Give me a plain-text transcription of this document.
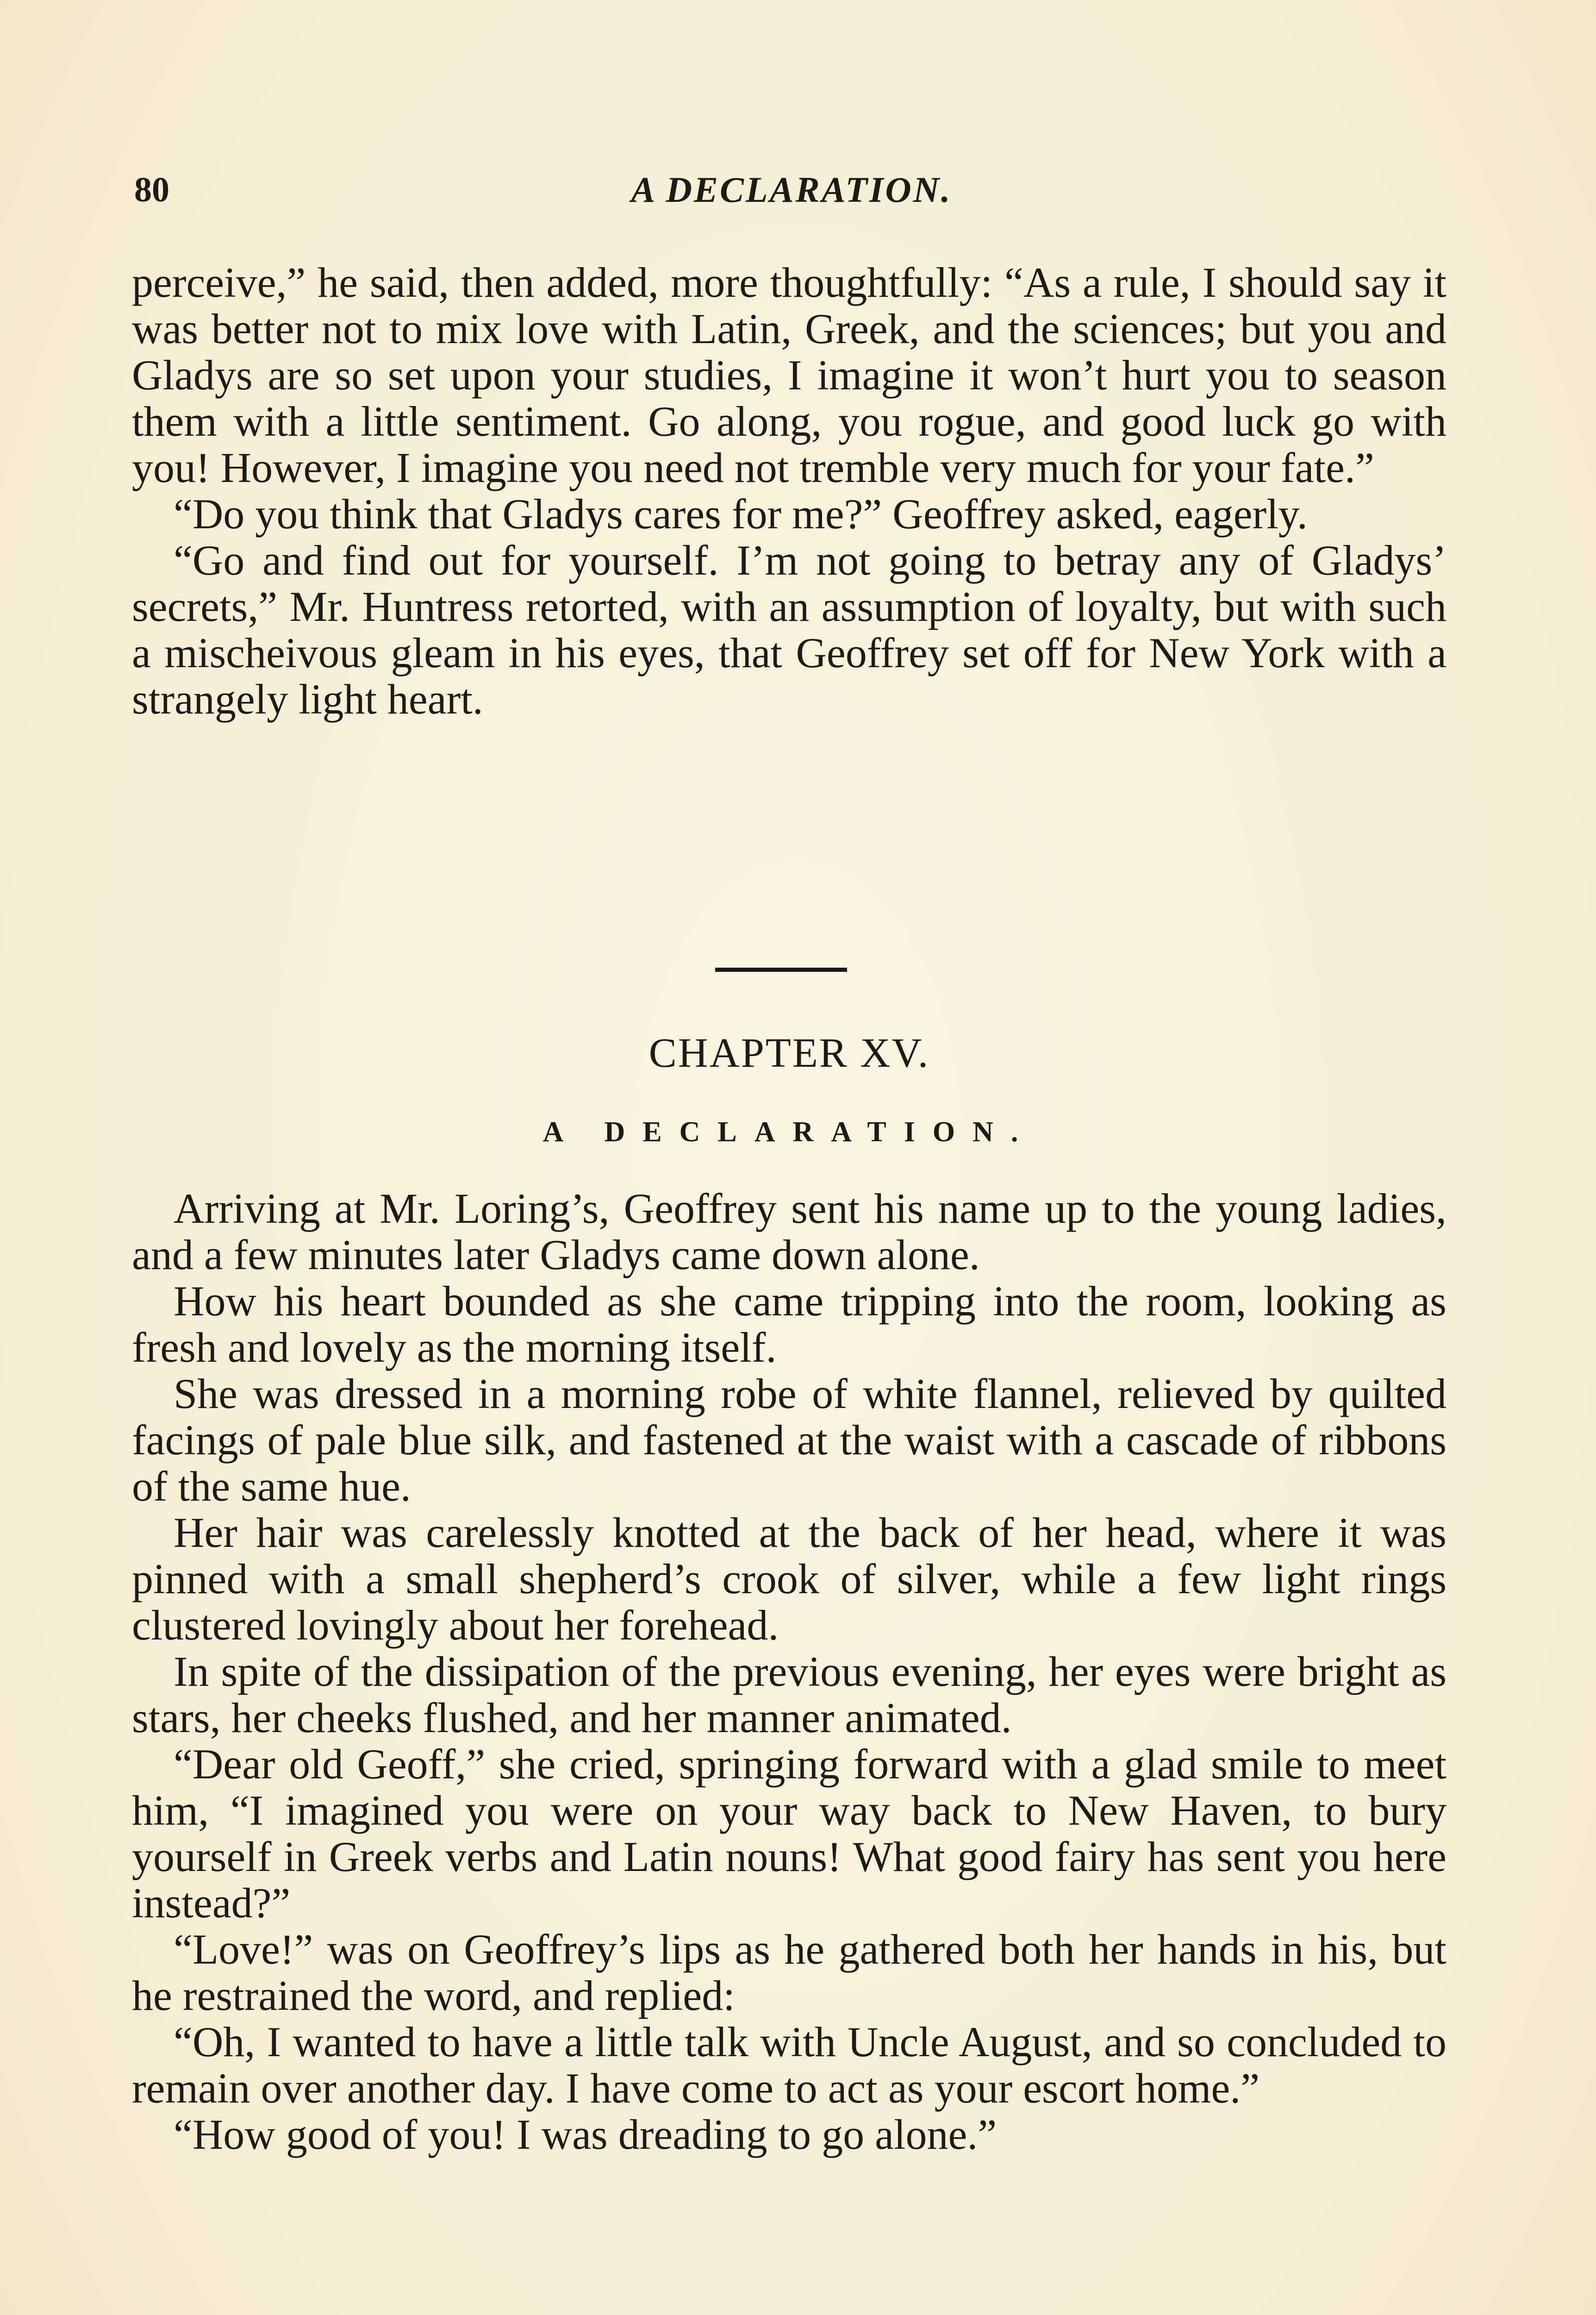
80	A DECLARATION.

perceive,” he said, then added, more thoughtfully: “As a rule, I should say it was better not to mix love with Latin, Greek, and the sciences; but you and Gladys are so set upon your studies, I imagine it won’t hurt you to season them with a little sentiment. Go along, you rogue, and good luck go with you! However, I imagine you need not tremble very much for your fate.”

“Do you think that Gladys cares for me?” Geoffrey asked, eagerly.

“Go and find out for yourself. I’m not going to betray any of Gladys’ secrets,” Mr. Huntress retorted, with an assumption of loyalty, but with such a mischeivous gleam in his eyes, that Geoffrey set off for New York with a strangely light heart.

CHAPTER XV.
A DECLARATION.

Arriving at Mr. Loring’s, Geoffrey sent his name up to the young ladies, and a few minutes later Gladys came down alone.

How his heart bounded as she came tripping into the room, looking as fresh and lovely as the morning itself.

She was dressed in a morning robe of white flannel, relieved by quilted facings of pale blue silk, and fastened at the waist with a cascade of ribbons of the same hue.

Her hair was carelessly knotted at the back of her head, where it was pinned with a small shepherd’s crook of silver, while a few light rings clustered lovingly about her forehead.

In spite of the dissipation of the previous evening, her eyes were bright as stars, her cheeks flushed, and her manner animated.

“Dear old Geoff,” she cried, springing forward with a glad smile to meet him, “I imagined you were on your way back to New Haven, to bury yourself in Greek verbs and Latin nouns! What good fairy has sent you here instead?”

“Love!” was on Geoffrey’s lips as he gathered both her hands in his, but he restrained the word, and replied:

“Oh, I wanted to have a little talk with Uncle August, and so concluded to remain over another day. I have come to act as your escort home.”

“How good of you! I was dreading to go alone.”
